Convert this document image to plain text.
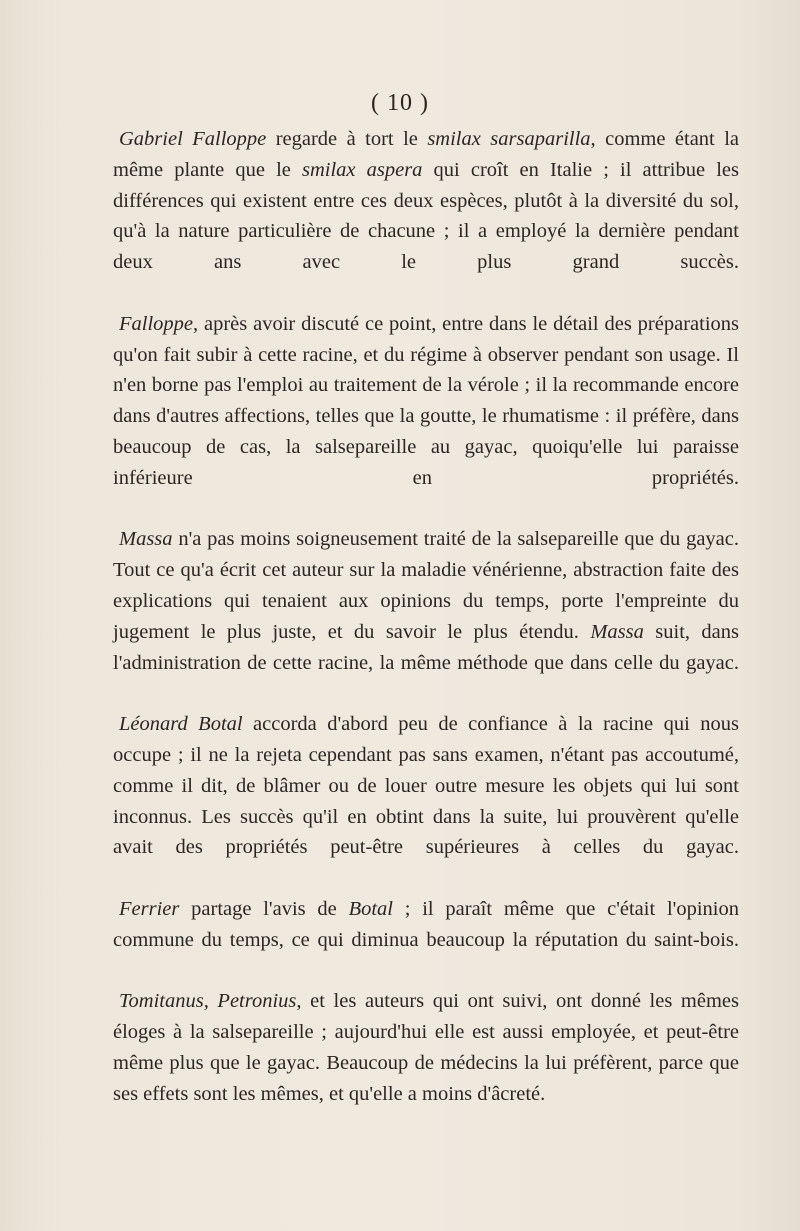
( 10 )

Gabriel Falloppe regarde à tort le smilax sarsaparilla, comme étant la même plante que le smilax aspera qui croît en Italie ; il attribue les différences qui existent entre ces deux espèces, plutôt à la diversité du sol, qu'à la nature particulière de chacune ; il a employé la dernière pendant deux ans avec le plus grand succès.

Falloppe, après avoir discuté ce point, entre dans le détail des préparations qu'on fait subir à cette racine, et du régime à observer pendant son usage. Il n'en borne pas l'emploi au traitement de la vérole ; il la recommande encore dans d'autres affections, telles que la goutte, le rhumatisme : il préfère, dans beaucoup de cas, la salsepareille au gayac, quoiqu'elle lui paraisse inférieure en propriétés.

Massa n'a pas moins soigneusement traité de la salsepareille que du gayac. Tout ce qu'a écrit cet auteur sur la maladie vénérienne, abstraction faite des explications qui tenaient aux opinions du temps, porte l'empreinte du jugement le plus juste, et du savoir le plus étendu. Massa suit, dans l'administration de cette racine, la même méthode que dans celle du gayac.

Léonard Botal accorda d'abord peu de confiance à la racine qui nous occupe ; il ne la rejeta cependant pas sans examen, n'étant pas accoutumé, comme il dit, de blâmer ou de louer outre mesure les objets qui lui sont inconnus. Les succès qu'il en obtint dans la suite, lui prouvèrent qu'elle avait des propriétés peut-être supérieures à celles du gayac.

Ferrier partage l'avis de Botal ; il paraît même que c'était l'opinion commune du temps, ce qui diminua beaucoup la réputation du saint-bois.

Tomitanus, Petronius, et les auteurs qui ont suivi, ont donné les mêmes éloges à la salsepareille ; aujourd'hui elle est aussi employée, et peut-être même plus que le gayac. Beaucoup de médecins la lui préfèrent, parce que ses effets sont les mêmes, et qu'elle a moins d'âcreté.
